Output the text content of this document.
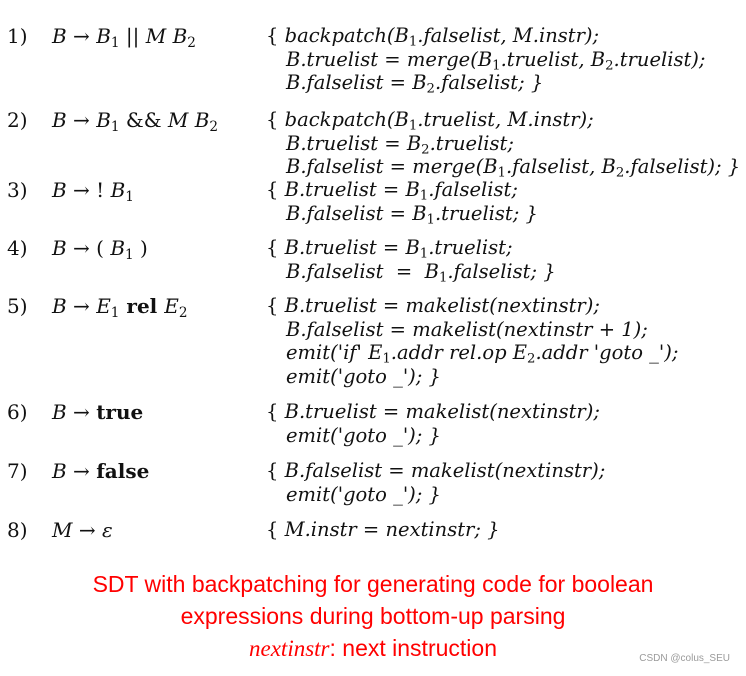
1) $B \to B_1$ || M $B_2$	{ $backpatch(B_1.falselist$, M.instr);
B.truelist = $merge(B_1.truelist$, $B_2.truelist$);
B.falselist = $B_2.falselist$; }
2) $B \to B_1$ && M $B_2$ { $backpatch(B_1.truelist$, M.instr);
B.truelist = $B_2.truelist$;
B.falselist = $merge(B_1.falselist$, $B_2.falselist$); }
3) B → ! $B_1$	{ B.truelist = $B_1.falselist$;
B.falselist = $B_1.truelist$; }
4) B → ( $B_1$ )	{ B.truelist = $B_1.truelist$;
B.falselist  =  $B_1.falselist$; }
5) $B \to E_1$ rel $E_2$	{ B.truelist = makelist(nextinstr);
B.falselist = makelist(nextinstr + 1);
emit('if' $E_1.addr$ rel.op $E_2.addr$ 'goto _');
emit('goto _'); }
6) B → true	{ B.truelist = makelist(nextinstr);
emit('goto _'); }
7) B → false	{ B.falselist = makelist(nextinstr);
emit('goto _'); }
8) M → ε	{ M.instr = nextinstr; }
SDT with backpatching for generating code for boolean
expressions during bottom-up parsing
nextinstr: next instruction	CSDN @colus_SEU
